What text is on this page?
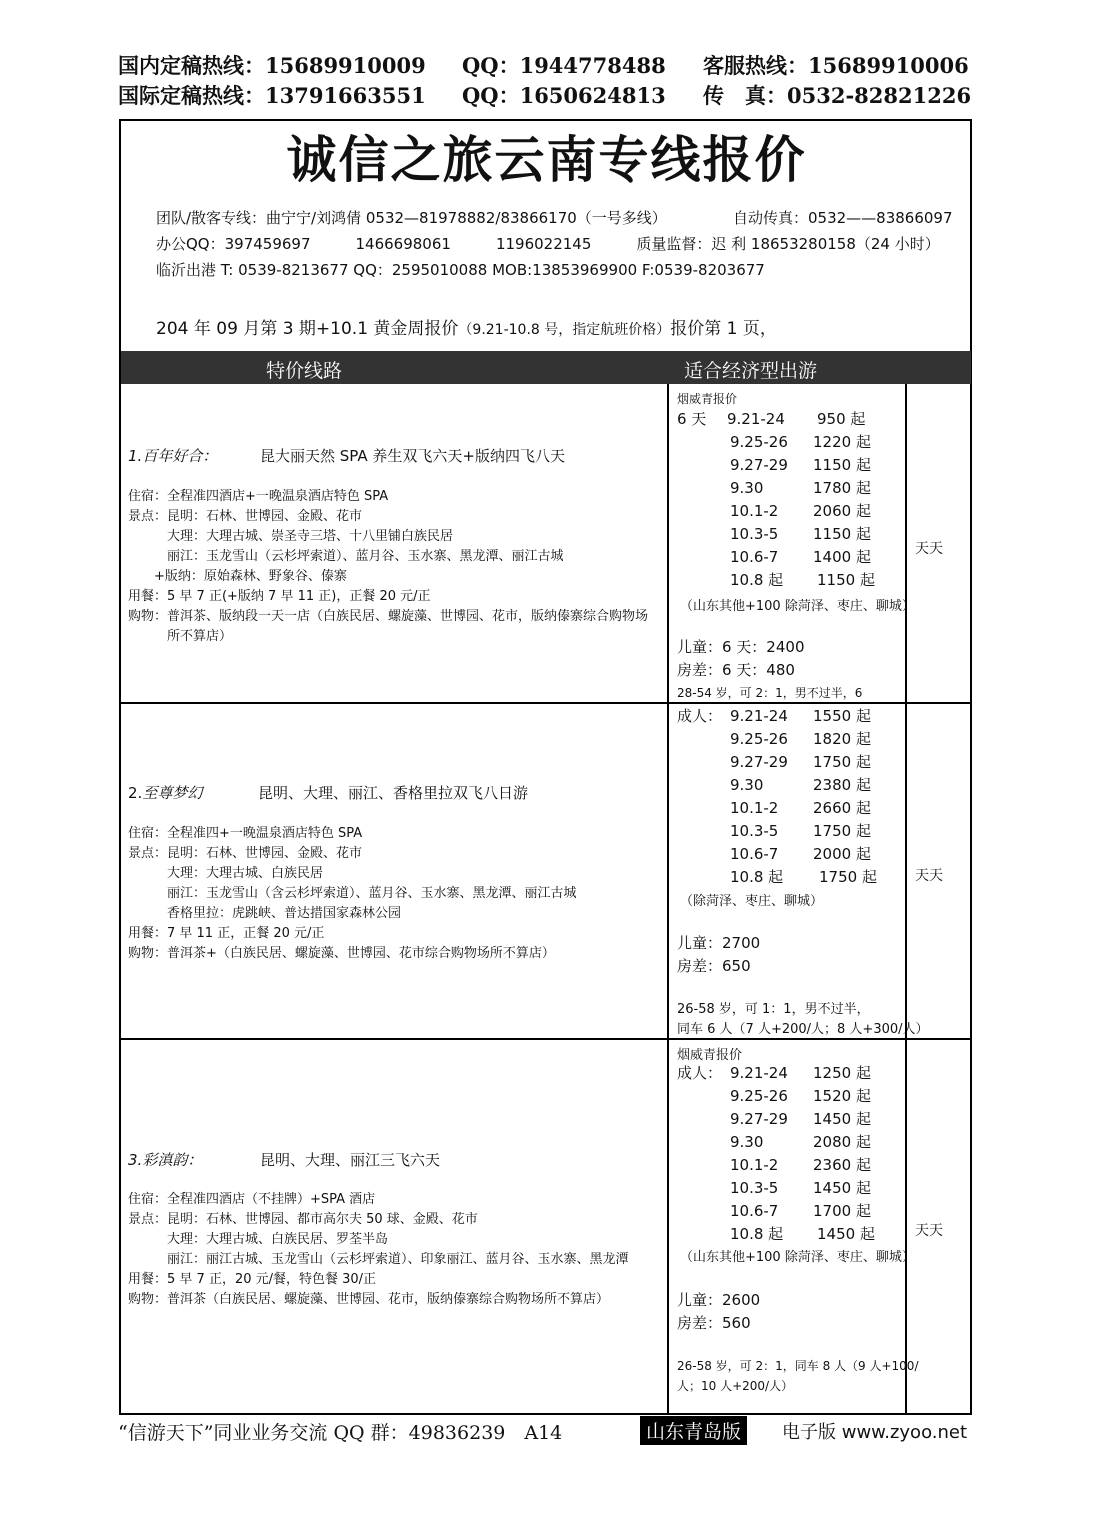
国内定稿热线：15689910009 QQ：1944778488 客服热线：15689910006
国际定稿热线：13791663551 QQ：1650624813 传　真：0532-82821226
诚信之旅云南专线报价
团队/散客专线：曲宁宁/刘鸿倩 0532—81978882/83866170（一号多线）	自动传真：0532——83866097
办公QQ：397459697　　　1466698061　　　1196022145　　　质量监督：迟 利 18653280158（24 小时）
临沂出港 T: 0539-8213677 QQ：2595010088 MOB:13853969900 F:0539-8203677
204 年 09 月第 3 期+10.1 黄金周报价（9.21-10.8 号，指定航班价格）报价第 1 页，
特价线路	适合经济型出游
1.百年好合：	昆大丽天然 SPA 养生双飞六天+版纳四飞八天
住宿：全程准四酒店+一晚温泉酒店特色 SPA
景点：昆明：石林、世博园、金殿、花市
　　　大理：大理古城、崇圣寺三塔、十八里铺白族民居
　　　丽江：玉龙雪山（云杉坪索道）、蓝月谷、玉水寨、黑龙潭、丽江古城
　　+版纳：原始森林、野象谷、傣寨
用餐：5 早 7 正(+版纳 7 早 11 正)，正餐 20 元/正
购物：普洱茶、版纳段一天一店（白族民居、螺旋藻、世博园、花市，版纳傣寨综合购物场
　　　所不算店）
烟威青报价
6 天 9.21-24 950 起
9.25-26 1220 起
9.27-29 1150 起
9.30	1780 起
10.1-2 2060 起
10.3-5 1150 起
10.6-7 1400 起
10.8 起 1150 起
（山东其他+100 除菏泽、枣庄、聊城）
儿童：6 天：2400
房差：6 天：480
28-54 岁，可 2：1，男不过半，6
天天
2.至尊梦幻	昆明、大理、丽江、香格里拉双飞八日游
住宿：全程准四+一晚温泉酒店特色 SPA
景点：昆明：石林、世博园、金殿、花市
　　　大理：大理古城、白族民居
　　　丽江：玉龙雪山（含云杉坪索道）、蓝月谷、玉水寨、黑龙潭、丽江古城
　　　香格里拉：虎跳峡、普达措国家森林公园
用餐：7 早 11 正，正餐 20 元/正
购物：普洱茶+（白族民居、螺旋藻、世博园、花市综合购物场所不算店）
成人： 9.21-24 1550 起
9.25-26 1820 起
9.27-29 1750 起
9.30	2380 起
10.1-2 2660 起
10.3-5 1750 起
10.6-7 2000 起
10.8 起 1750 起
（除菏泽、枣庄、聊城）
儿童：2700
房差：650
26-58 岁，可 1：1，男不过半，
同车 6 人（7 人+200/人；8 人+300/人）
天天
3.彩滇韵：	昆明、大理、丽江三飞六天
住宿：全程准四酒店（不挂牌）+SPA 酒店
景点：昆明：石林、世博园、都市高尔夫 50 球、金殿、花市
　　　大理：大理古城、白族民居、罗荃半岛
　　　丽江：丽江古城、玉龙雪山（云杉坪索道）、印象丽江、蓝月谷、玉水寨、黑龙潭
用餐：5 早 7 正，20 元/餐，特色餐 30/正
购物：普洱茶（白族民居、螺旋藻、世博园、花市，版纳傣寨综合购物场所不算店）
烟威青报价
成人： 9.21-24 1250 起
9.25-26 1520 起
9.27-29 1450 起
9.30	2080 起
10.1-2 2360 起
10.3-5 1450 起
10.6-7 1700 起
10.8 起 1450 起
（山东其他+100 除菏泽、枣庄、聊城）
儿童：2600
房差：560
26-58 岁，可 2：1，同车 8 人（9 人+100/
人；10 人+200/人）
天天
“信游天下”同业业务交流 QQ 群：49836239　A14	山东青岛版	电子版 www.zyoo.net
